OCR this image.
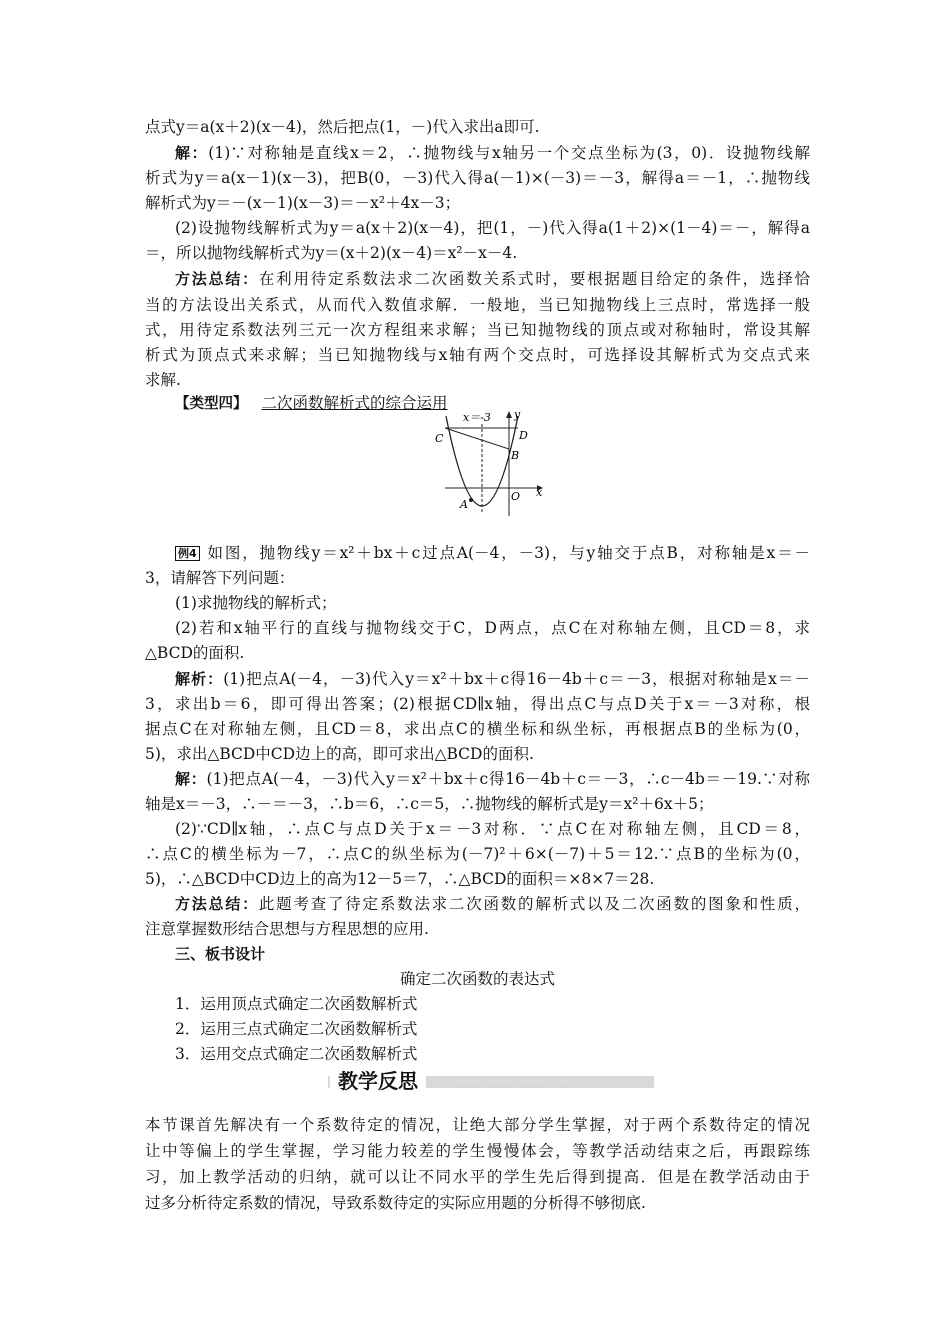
点式y＝a(x＋2)(x－4)，然后把点(1，－)代入求出a即可.
解：(1)∵对称轴是直线x＝2，∴抛物线与x轴另一个交点坐标为(3，0)．设抛物线解
析式为y＝a(x－1)(x－3)，把B(0，－3)代入得a(－1)×(－3)＝－3，解得a＝－1，∴抛物线
解析式为y＝－(x－1)(x－3)＝－x²＋4x－3；
(2)设抛物线解析式为y＝a(x＋2)(x－4)，把(1，－)代入得a(1＋2)×(1－4)＝－，解得a
＝，所以抛物线解析式为y＝(x＋2)(x－4)＝x²－x－4.
方法总结：在利用待定系数法求二次函数关系式时，要根据题目给定的条件，选择恰
当的方法设出关系式，从而代入数值求解．一般地，当已知抛物线上三点时，常选择一般
式，用待定系数法列三元一次方程组来求解；当已知抛物线的顶点或对称轴时，常设其解
析式为顶点式来求解；当已知抛物线与x轴有两个交点时，可选择设其解析式为交点式来
求解.
【类型四】 二次函数解析式的综合运用
x＝-3 y
x
O
A
B
C	D
例4 如图，抛物线y＝x²＋bx＋c过点A(－4，－3)，与y轴交于点B，对称轴是x＝－
3，请解答下列问题：
(1)求抛物线的解析式；
(2)若和x轴平行的直线与抛物线交于C，D两点，点C在对称轴左侧，且CD＝8，求
△BCD的面积.
解析：(1)把点A(－4，－3)代入y＝x²＋bx＋c得16－4b＋c＝－3，根据对称轴是x＝－
3，求出b＝6，即可得出答案；(2)根据CD∥x轴，得出点C与点D关于x＝－3对称，根
据点C在对称轴左侧，且CD＝8，求出点C的横坐标和纵坐标，再根据点B的坐标为(0，
5)，求出△BCD中CD边上的高，即可求出△BCD的面积.
解：(1)把点A(－4，－3)代入y＝x²＋bx＋c得16－4b＋c＝－3，∴c－4b＝－19.∵对称
轴是x＝－3，∴－＝－3，∴b＝6，∴c＝5，∴抛物线的解析式是y＝x²＋6x＋5；
(2)∵CD∥x轴，∴点C与点D关于x＝－3对称．∵点C在对称轴左侧，且CD＝8，
∴点C的横坐标为－7，∴点C的纵坐标为(－7)²＋6×(－7)＋5＝12.∵点B的坐标为(0，
5)，∴△BCD中CD边上的高为12－5＝7，∴△BCD的面积＝×8×7＝28.
方法总结：此题考查了待定系数法求二次函数的解析式以及二次函数的图象和性质，
注意掌握数形结合思想与方程思想的应用.
三、板书设计
确定二次函数的表达式
1．运用顶点式确定二次函数解析式
2．运用三点式确定二次函数解析式
3．运用交点式确定二次函数解析式
·····························
教学反思
本节课首先解决有一个系数待定的情况，让绝大部分学生掌握，对于两个系数待定的情况
让中等偏上的学生掌握，学习能力较差的学生慢慢体会，等教学活动结束之后，再跟踪练
习，加上教学活动的归纳，就可以让不同水平的学生先后得到提高．但是在教学活动由于
过多分析待定系数的情况，导致系数待定的实际应用题的分析得不够彻底.
